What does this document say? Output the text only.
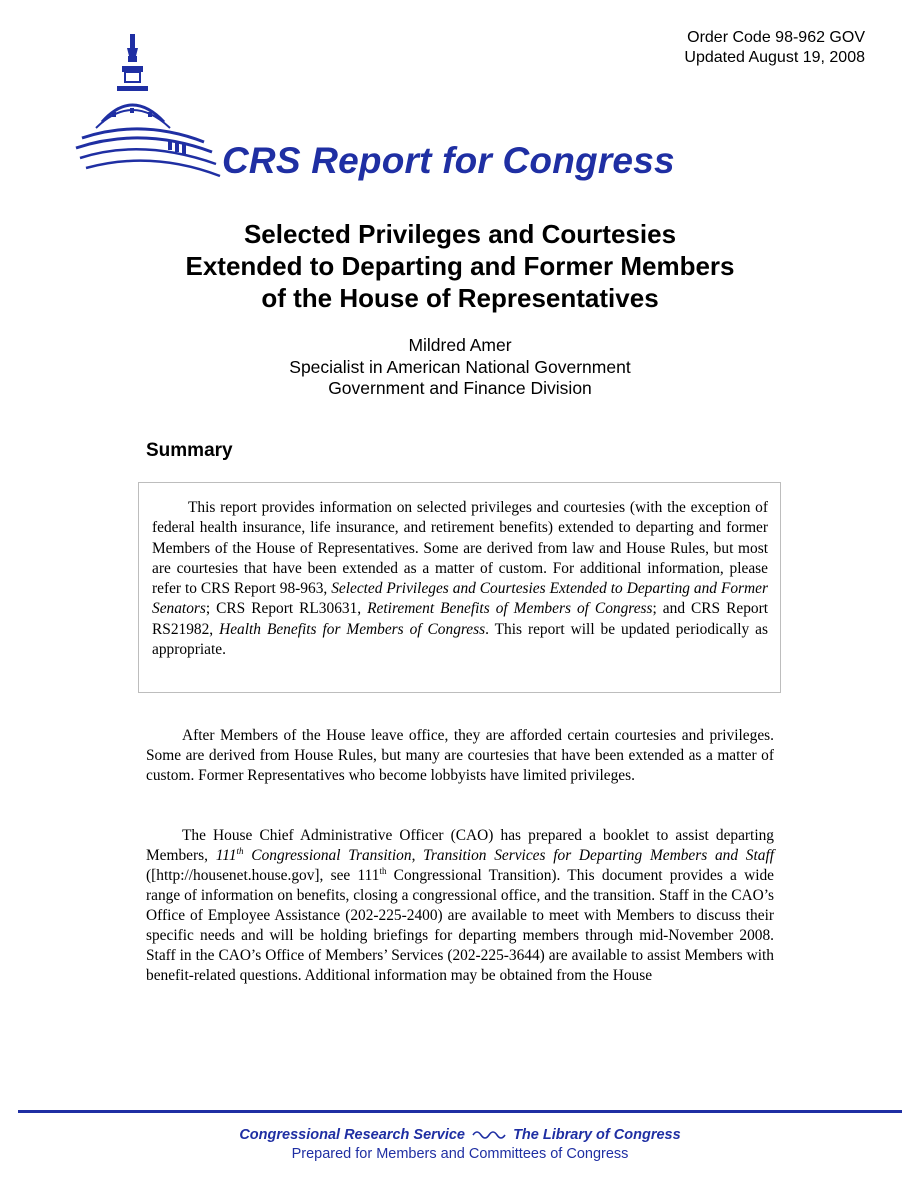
Order Code 98-962 GOV
Updated August 19, 2008
CRS Report for Congress
Selected Privileges and Courtesies
Extended to Departing and Former Members
of the House of Representatives
Mildred Amer
Specialist in American National Government
Government and Finance Division
Summary
This report provides information on selected privileges and courtesies (with the exception of federal health insurance, life insurance, and retirement benefits) extended to departing and former Members of the House of Representatives. Some are derived from law and House Rules, but most are courtesies that have been extended as a matter of custom. For additional information, please refer to CRS Report 98-963, Selected Privileges and Courtesies Extended to Departing and Former Senators; CRS Report RL30631, Retirement Benefits of Members of Congress; and CRS Report RS21982, Health Benefits for Members of Congress. This report will be updated periodically as appropriate.
After Members of the House leave office, they are afforded certain courtesies and privileges. Some are derived from House Rules, but many are courtesies that have been extended as a matter of custom. Former Representatives who become lobbyists have limited privileges.
The House Chief Administrative Officer (CAO) has prepared a booklet to assist departing Members, 111th Congressional Transition, Transition Services for Departing Members and Staff ([http://housenet.house.gov], see 111th Congressional Transition). This document provides a wide range of information on benefits, closing a congressional office, and the transition. Staff in the CAO’s Office of Employee Assistance (202-225-2400) are available to meet with Members to discuss their specific needs and will be holding briefings for departing members through mid-November 2008. Staff in the CAO’s Office of Members’ Services (202-225-3644) are available to assist Members with benefit-related questions. Additional information may be obtained from the House
Congressional Research Service	The Library of Congress
Prepared for Members and Committees of Congress
